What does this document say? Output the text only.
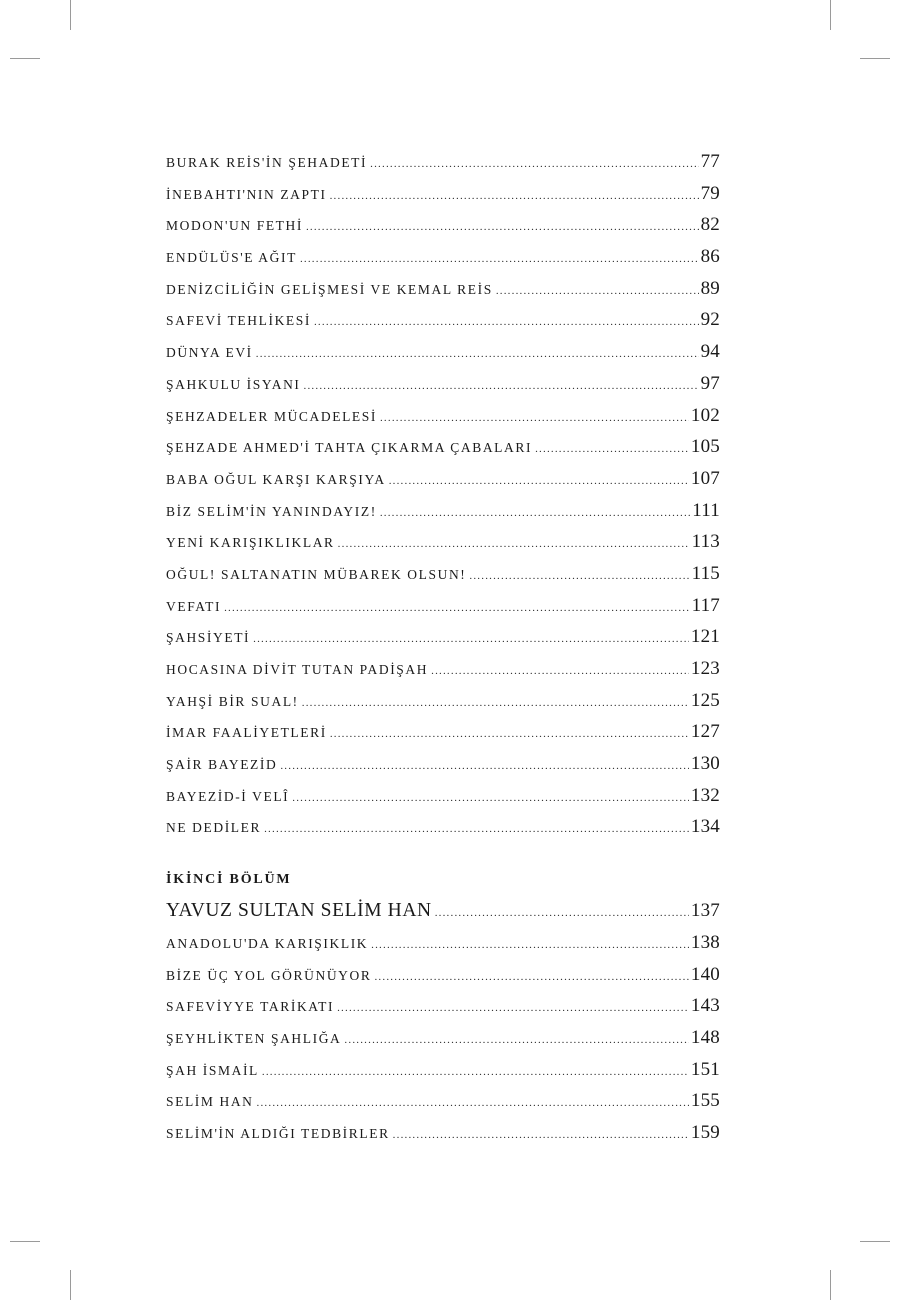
BURAK REİS'İN ŞEHADETİ .....	77
İNEBAHTI'NIN ZAPTI .....	79
MODON'UN FETHİ .....	82
ENDÜLÜS'E AĞIT .....	86
DENİZCİLİĞİN GELİŞMESİ VE KEMAL REİS .....	89
SAFEVİ TEHLİKESİ .....	92
DÜNYA EVİ .....	94
ŞAHKULU İSYANI .....	97
ŞEHZADELER MÜCADELESİ .....	102
ŞEHZADE AHMED'İ TAHTA ÇIKARMA ÇABALARI .....	105
BABA OĞUL KARŞI KARŞIYA .....	107
BİZ SELİM'İN YANINDAYIZ! .....	111
YENİ KARIŞIKLIKLAR .....	113
OĞUL! SALTANATIN MÜBAREK OLSUN! .....	115
VEFATI .....	117
ŞAHSİYETİ .....	121
HOCASINA DİVİT TUTAN PADİŞAH .....	123
YAHŞİ BİR SUAL! .....	125
İMAR FAALİYETLERİ .....	127
ŞAİR BAYEZİD .....	130
BAYEZİD-İ VELÎ .....	132
NE DEDİLER .....	134
İKİNCİ BÖLÜM
YAVUZ SULTAN SELİM HAN .....	137
ANADOLU'DA KARIŞIKLIK .....	138
BİZE ÜÇ YOL GÖRÜNÜYOR .....	140
SAFEVİYYE TARİKATI .....	143
ŞEYHLİKTEN ŞAHLIĞA .....	148
ŞAH İSMAİL .....	151
SELİM HAN .....	155
SELİM'İN ALDIĞI TEDBİRLER .....	159
